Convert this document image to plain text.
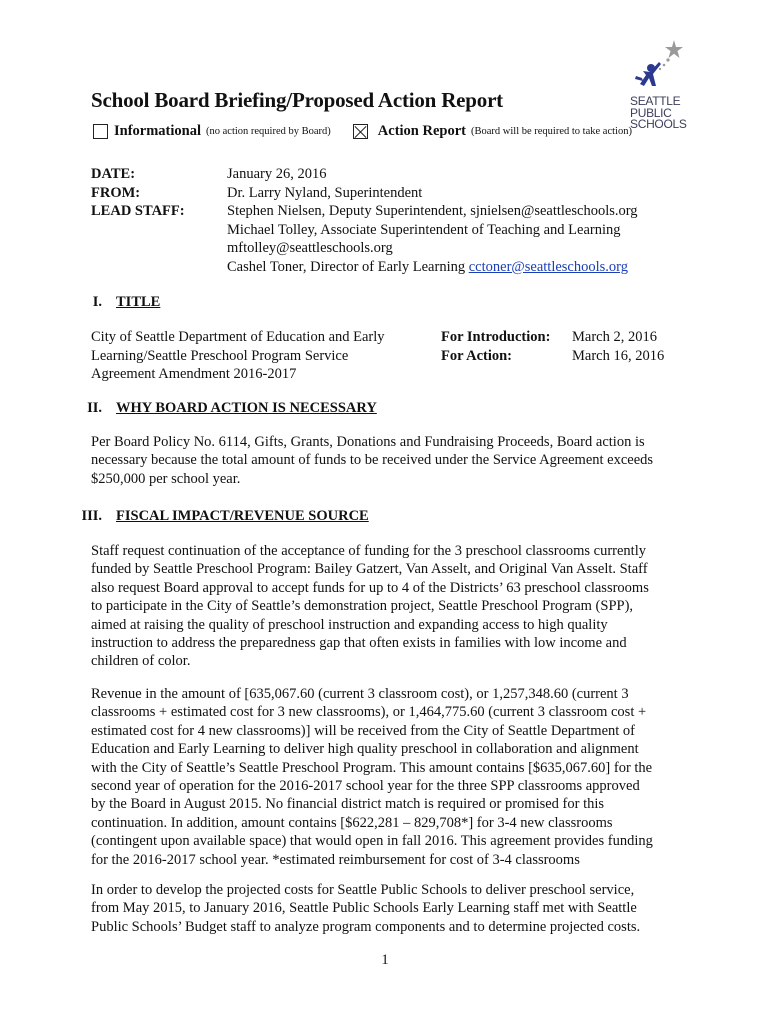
SEATTLE
PUBLIC
SCHOOLS
School Board Briefing/Proposed Action Report
Informational (no action required by Board)	Action Report (Board will be required to take action)
DATE:	January 26, 2016
FROM:	Dr. Larry Nyland, Superintendent
LEAD STAFF:	Stephen Nielsen, Deputy Superintendent, sjnielsen@seattleschools.org
Michael Tolley, Associate Superintendent of Teaching and Learning
mftolley@seattleschools.org
Cashel Toner, Director of Early Learning cctoner@seattleschools.org
I. TITLE
City of Seattle Department of Education and Early
Learning/Seattle Preschool Program Service
Agreement Amendment 2016-2017
For Introduction:	March 2, 2016
For Action:	March 16, 2016
II. WHY BOARD ACTION IS NECESSARY
Per Board Policy No. 6114, Gifts, Grants, Donations and Fundraising Proceeds, Board action is
necessary because the total amount of funds to be received under the Service Agreement exceeds
$250,000 per school year.
III. FISCAL IMPACT/REVENUE SOURCE
Staff request continuation of the acceptance of funding for the 3 preschool classrooms currently
funded by Seattle Preschool Program: Bailey Gatzert, Van Asselt, and Original Van Asselt. Staff
also request Board approval to accept funds for up to 4 of the Districts’ 63 preschool classrooms
to participate in the City of Seattle’s demonstration project, Seattle Preschool Program (SPP),
aimed at raising the quality of preschool instruction and expanding access to high quality
instruction to address the preparedness gap that often exists in families with low income and
children of color.
Revenue in the amount of [635,067.60 (current 3 classroom cost), or 1,257,348.60 (current 3
classrooms + estimated cost for 3 new classrooms), or 1,464,775.60 (current 3 classroom cost +
estimated cost for 4 new classrooms)] will be received from the City of Seattle Department of
Education and Early Learning to deliver high quality preschool in collaboration and alignment
with the City of Seattle’s Seattle Preschool Program. This amount contains [$635,067.60] for the
second year of operation for the 2016-2017 school year for the three SPP classrooms approved
by the Board in August 2015. No financial district match is required or promised for this
continuation. In addition, amount contains [$622,281 – 829,708*] for 3-4 new classrooms
(contingent upon available space) that would open in fall 2016. This agreement provides funding
for the 2016-2017 school year. *estimated reimbursement for cost of 3-4 classrooms
In order to develop the projected costs for Seattle Public Schools to deliver preschool service,
from May 2015, to January 2016, Seattle Public Schools Early Learning staff met with Seattle
Public Schools’ Budget staff to analyze program components and to determine projected costs.
1
